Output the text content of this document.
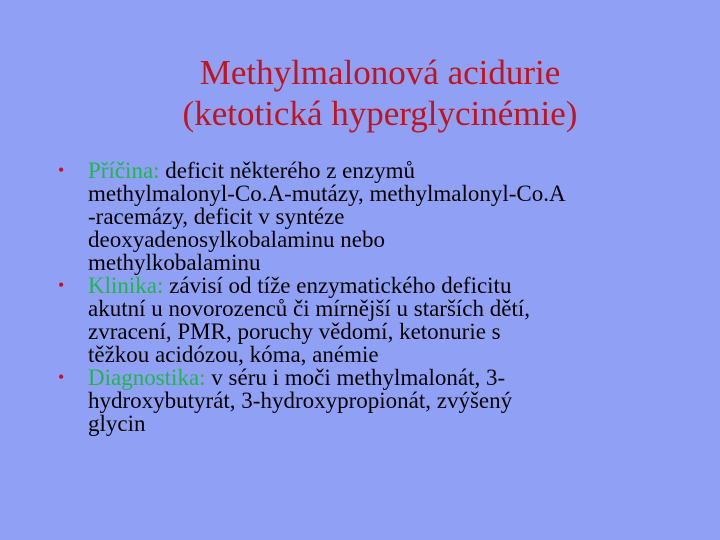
Methylmalonová acidurie
(ketotická hyperglycinémie)
• Příčina: deficit některého z enzymů
methylmalonyl-Co.A-mutázy, methylmalonyl-Co.A
-racemázy, deficit v syntéze
deoxyadenosylkobalaminu nebo
methylkobalaminu
• Klinika: závisí od tíže enzymatického deficitu
akutní u novorozenců či mírnější u starších dětí,
zvracení, PMR, poruchy vědomí, ketonurie s
těžkou acidózou, kóma, anémie
• Diagnostika: v séru i moči methylmalonát, 3-
hydroxybutyrát, 3-hydroxypropionát, zvýšený
glycin
